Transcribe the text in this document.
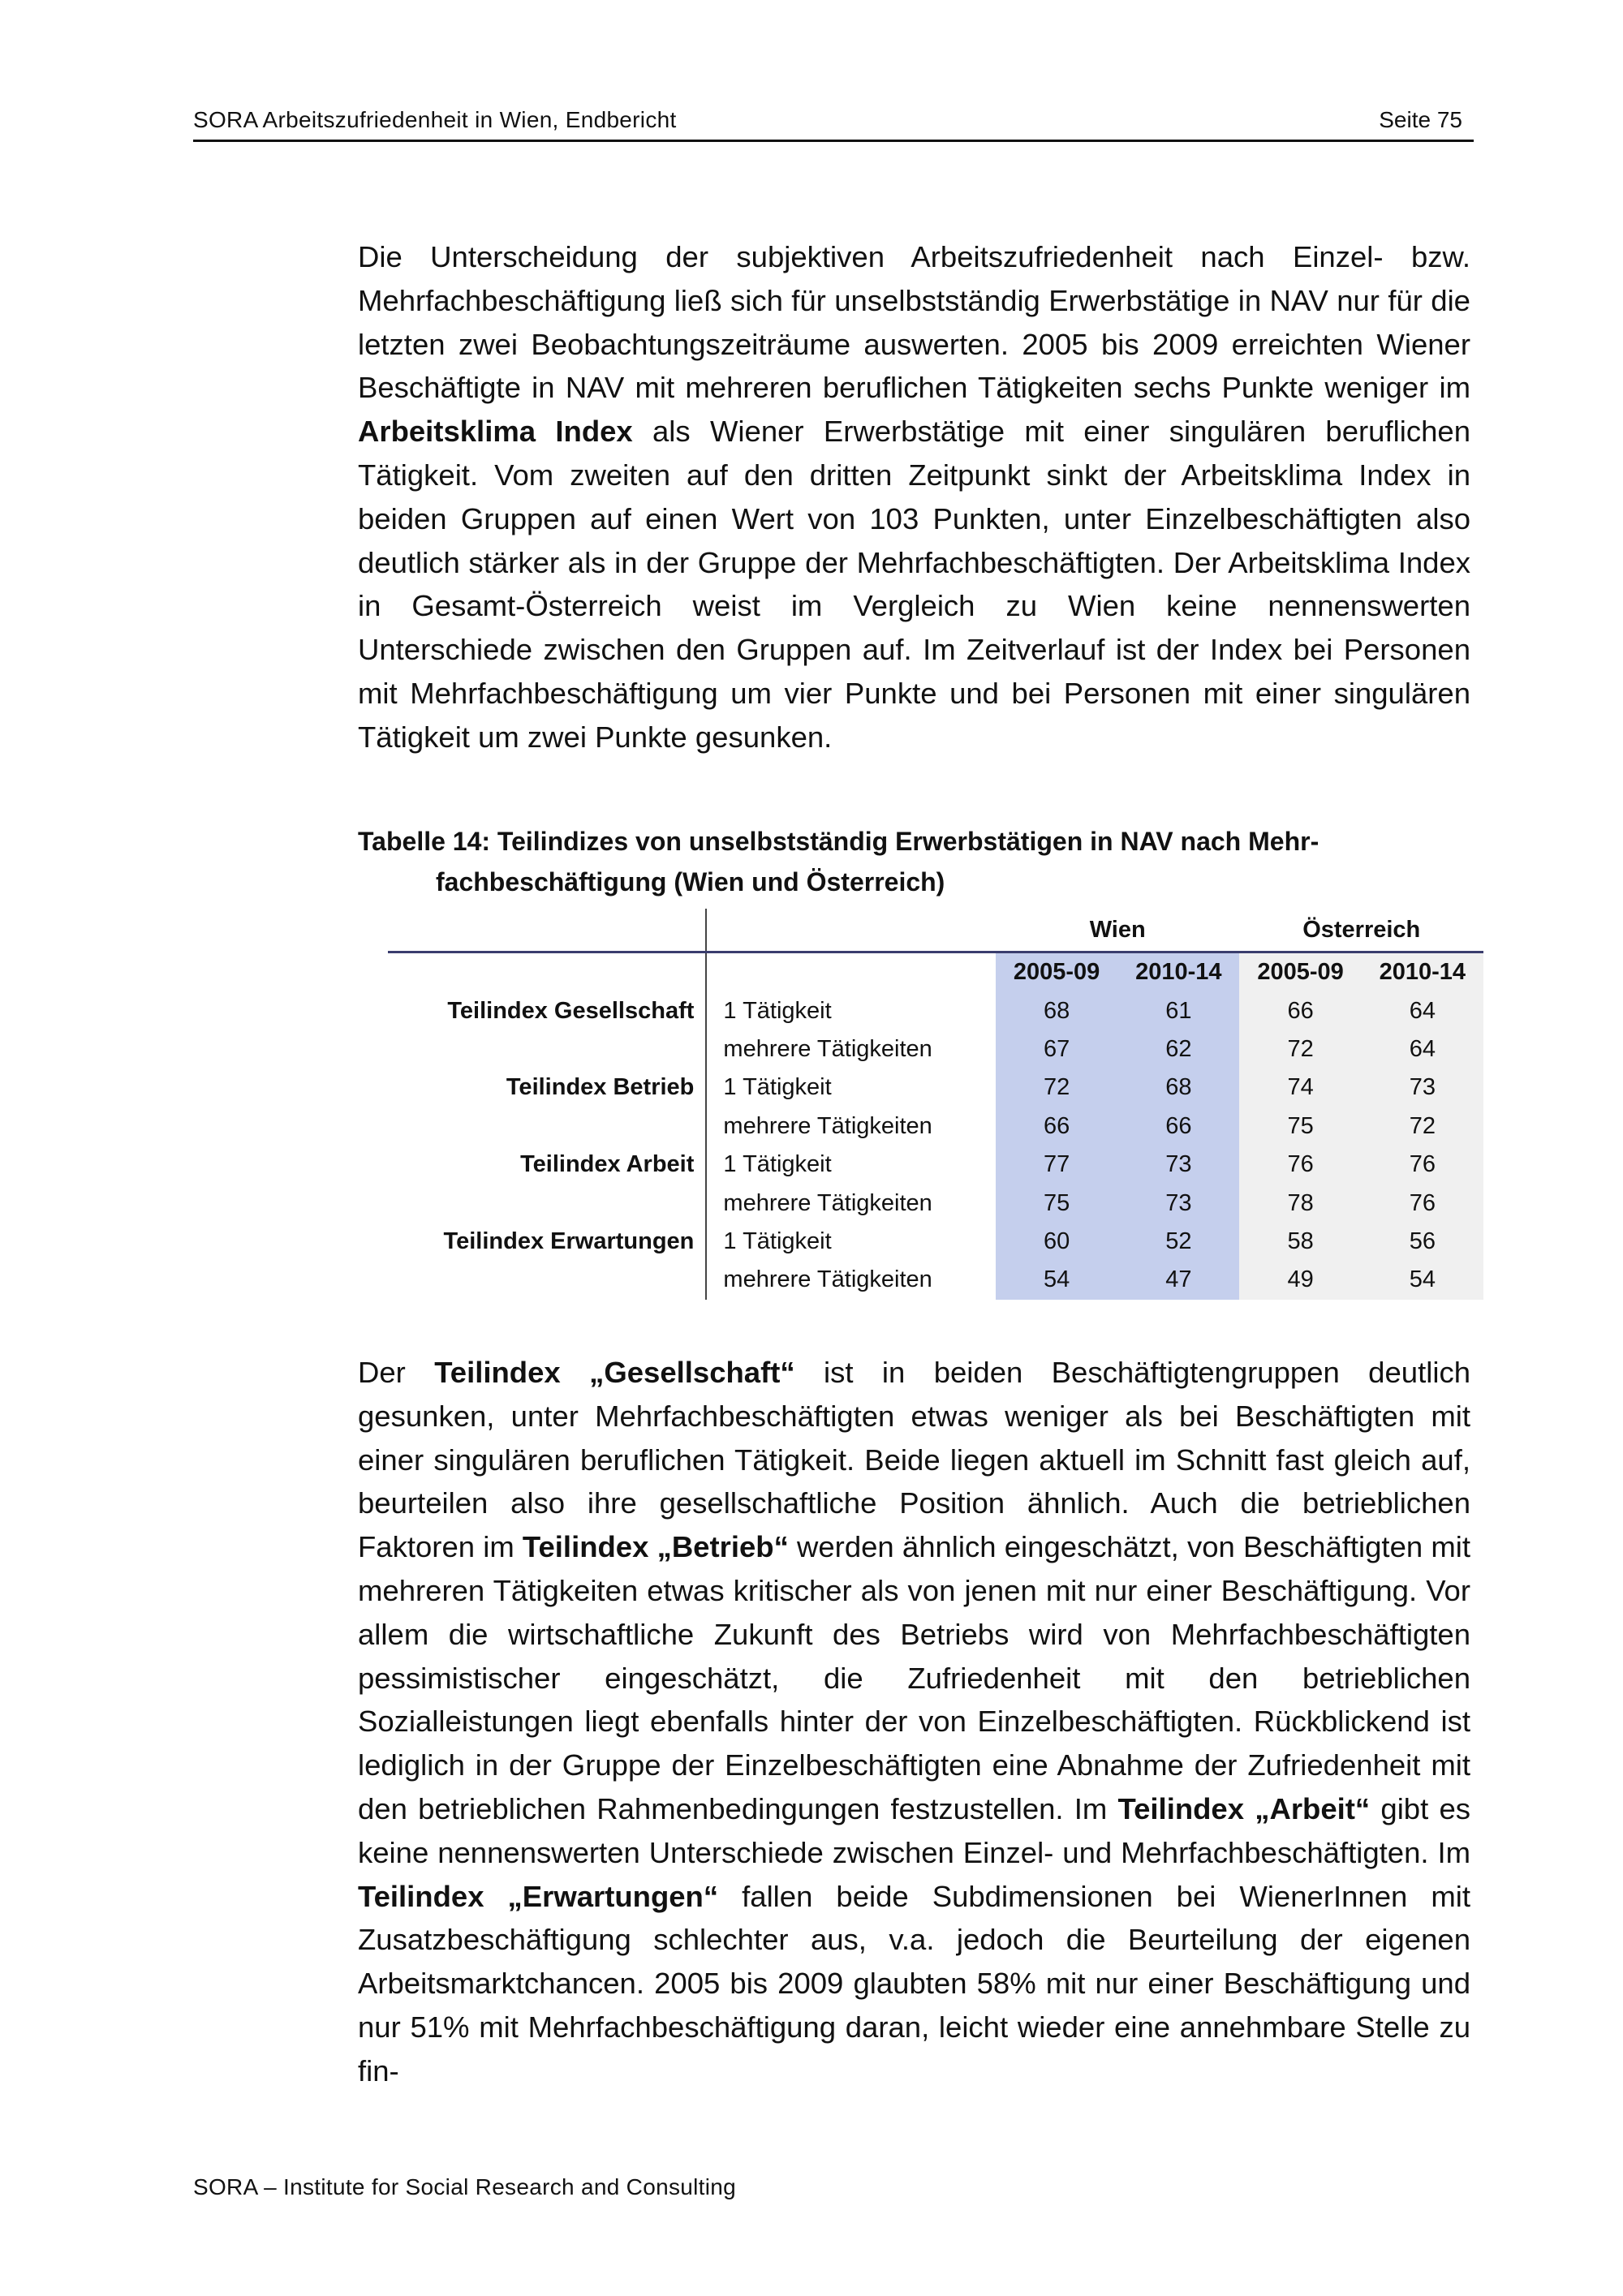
SORA Arbeitszufriedenheit in Wien, Endbericht	Seite 75
Die Unterscheidung der subjektiven Arbeitszufriedenheit nach Einzel- bzw. Mehrfachbeschäftigung ließ sich für unselbstständig Erwerbstätige in NAV nur für die letzten zwei Beobachtungszeiträume auswerten. 2005 bis 2009 erreichten Wiener Beschäftigte in NAV mit mehreren beruflichen Tätigkeiten sechs Punkte weniger im Arbeitsklima Index als Wiener Erwerbstätige mit einer singulären beruflichen Tätigkeit. Vom zweiten auf den dritten Zeitpunkt sinkt der Arbeitsklima Index in beiden Gruppen auf einen Wert von 103 Punkten, unter Einzelbeschäftigten also deutlich stärker als in der Gruppe der Mehrfachbeschäftigten. Der Arbeitsklima Index in Gesamt-Österreich weist im Vergleich zu Wien keine nennenswerten Unterschiede zwischen den Gruppen auf. Im Zeitverlauf ist der Index bei Personen mit Mehrfachbeschäftigung um vier Punkte und bei Personen mit einer singulären Tätigkeit um zwei Punkte gesunken.
Tabelle 14: Teilindizes von unselbstständig Erwerbstätigen in NAV nach Mehr-
fachbeschäftigung (Wien und Österreich)
		Wien		Österreich	
		2005-09	2010-14	2005-09	2010-14
Teilindex Gesellschaft	1 Tätigkeit	68	61	66	64
	mehrere Tätigkeiten	67	62	72	64
Teilindex Betrieb	1 Tätigkeit	72	68	74	73
	mehrere Tätigkeiten	66	66	75	72
Teilindex Arbeit	1 Tätigkeit	77	73	76	76
	mehrere Tätigkeiten	75	73	78	76
Teilindex Erwartungen	1 Tätigkeit	60	52	58	56
	mehrere Tätigkeiten	54	47	49	54
Der Teilindex „Gesellschaft“ ist in beiden Beschäftigtengruppen deutlich gesunken, unter Mehrfachbeschäftigten etwas weniger als bei Beschäftigten mit einer singulären beruflichen Tätigkeit. Beide liegen aktuell im Schnitt fast gleich auf, beurteilen also ihre gesellschaftliche Position ähnlich. Auch die betrieblichen Faktoren im Teilindex „Betrieb“ werden ähnlich eingeschätzt, von Beschäftigten mit mehreren Tätigkeiten etwas kritischer als von jenen mit nur einer Beschäftigung. Vor allem die wirtschaftliche Zukunft des Betriebs wird von Mehrfachbeschäftigten pessimistischer eingeschätzt, die Zufriedenheit mit den betrieblichen Sozialleistungen liegt ebenfalls hinter der von Einzelbeschäftigten. Rückblickend ist lediglich in der Gruppe der Einzelbeschäftigten eine Abnahme der Zufriedenheit mit den betrieblichen Rahmenbedingungen festzustellen. Im Teilindex „Arbeit“ gibt es keine nennenswerten Unterschiede zwischen Einzel- und Mehrfachbeschäftigten. Im Teilindex „Erwartungen“ fallen beide Subdimensionen bei WienerInnen mit Zusatzbeschäftigung schlechter aus, v.a. jedoch die Beurteilung der eigenen Arbeitsmarktchancen. 2005 bis 2009 glaubten 58% mit nur einer Beschäftigung und nur 51% mit Mehrfachbeschäftigung daran, leicht wieder eine annehmbare Stelle zu fin-
SORA – Institute for Social Research and Consulting
